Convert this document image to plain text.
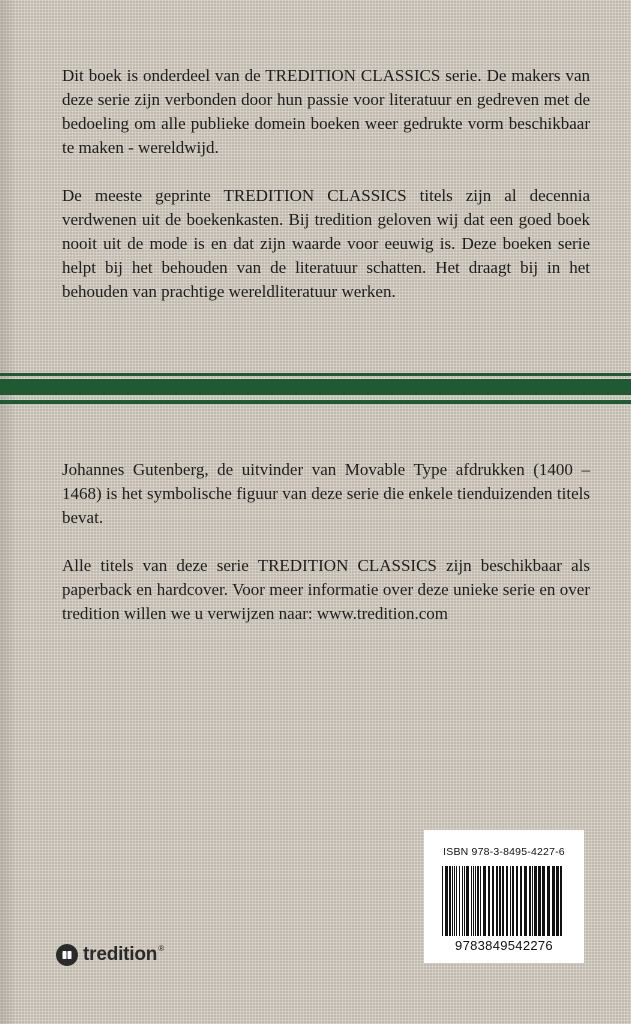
Dit boek is onderdeel van de TREDITION CLASSICS serie. De makers van deze serie zijn verbonden door hun passie voor literatuur en gedreven met de bedoeling om alle publieke domein boeken weer gedrukte vorm beschikbaar te maken - wereldwijd.

De meeste geprinte TREDITION CLASSICS titels zijn al decennia verdwenen uit de boekenkasten. Bij tredition geloven wij dat een goed boek nooit uit de mode is en dat zijn waarde voor eeuwig is. Deze boeken serie helpt bij het behouden van de literatuur schatten. Het draagt bij in het behouden van prachtige wereldliteratuur werken.

Johannes Gutenberg, de uitvinder van Movable Type afdrukken (1400 – 1468) is het symbolische figuur van deze serie die enkele tienduizenden titels bevat.

Alle titels van deze serie TREDITION CLASSICS zijn beschikbaar als paperback en hardcover. Voor meer informatie over deze unieke serie en over tredition willen we u verwijzen naar: www.tredition.com

ISBN 978-3-8495-4227-6
9783849542276
tredition ®
